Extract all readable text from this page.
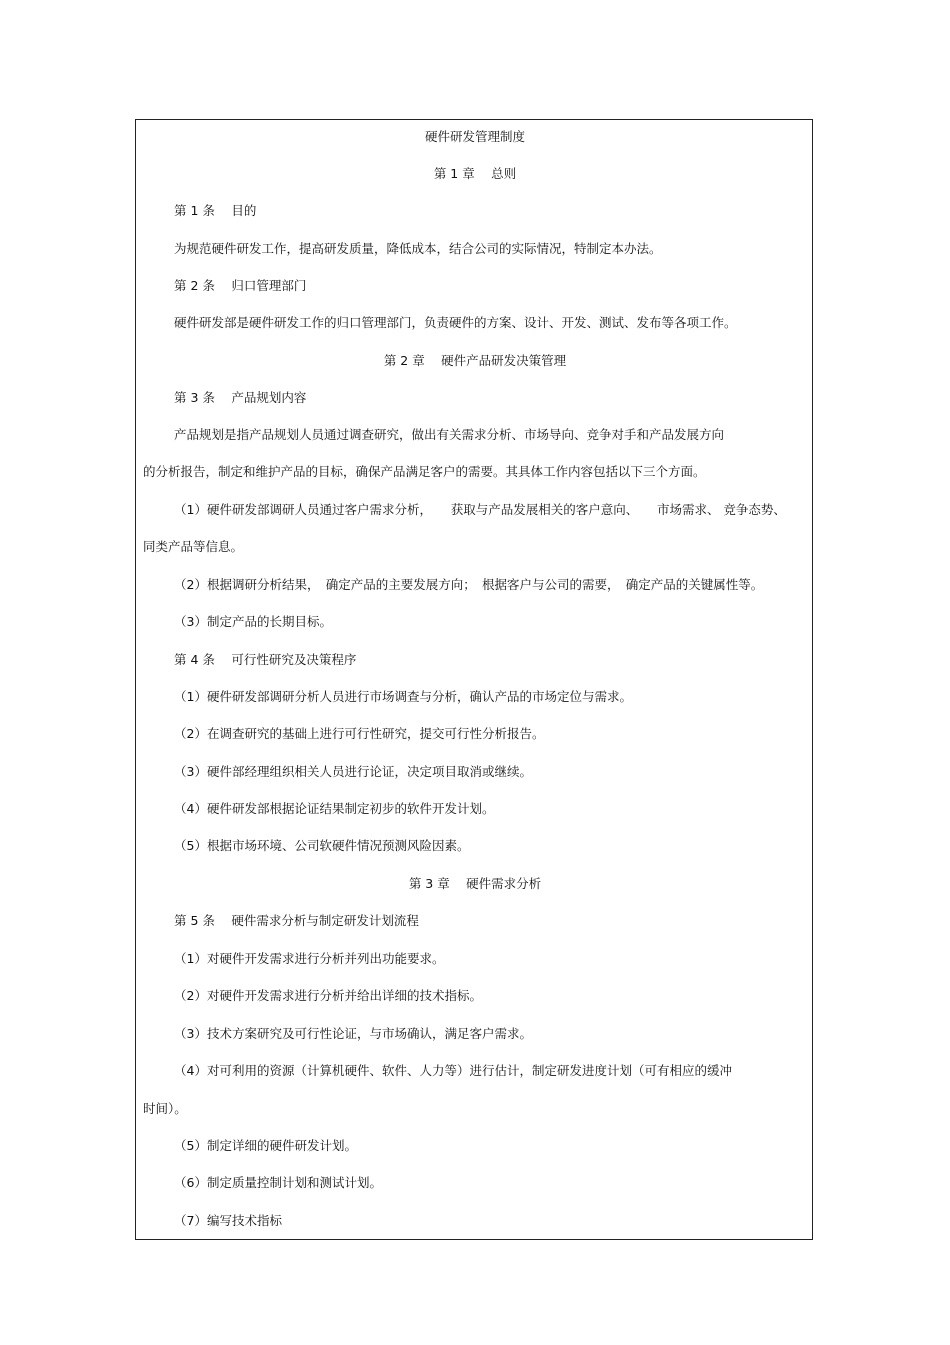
硬件研发管理制度
第 1 章　 总则
第 1 条　 目的
为规范硬件研发工作，提高研发质量，降低成本，结合公司的实际情况，特制定本办法。
第 2 条　 归口管理部门
硬件研发部是硬件研发工作的归口管理部门，负责硬件的方案、设计、开发、测试、发布等各项工作。
第 2 章　 硬件产品研发决策管理
第 3 条　 产品规划内容
产品规划是指产品规划人员通过调查研究，做出有关需求分析、市场导向、竞争对手和产品发展方向
的分析报告，制定和维护产品的目标，确保产品满足客户的需要。其具体工作内容包括以下三个方面。
（1）硬件研发部调研人员通过客户需求分析，　　获取与产品发展相关的客户意向、　　市场需求、 竞争态势、
同类产品等信息。
（2）根据调研分析结果，　确定产品的主要发展方向；　根据客户与公司的需要，　确定产品的关键属性等。
（3）制定产品的长期目标。
第 4 条　 可行性研究及决策程序
（1）硬件研发部调研分析人员进行市场调查与分析，确认产品的市场定位与需求。
（2）在调查研究的基础上进行可行性研究，提交可行性分析报告。
（3）硬件部经理组织相关人员进行论证，决定项目取消或继续。
（4）硬件研发部根据论证结果制定初步的软件开发计划。
（5）根据市场环境、公司软硬件情况预测风险因素。
第 3 章　 硬件需求分析
第 5 条　 硬件需求分析与制定研发计划流程
（1）对硬件开发需求进行分析并列出功能要求。
（2）对硬件开发需求进行分析并给出详细的技术指标。
（3）技术方案研究及可行性论证，与市场确认，满足客户需求。
（4）对可利用的资源（计算机硬件、软件、人力等）进行估计，制定研发进度计划（可有相应的缓冲
时间）。
（5）制定详细的硬件研发计划。
（6）制定质量控制计划和测试计划。
（7）编写技术指标
